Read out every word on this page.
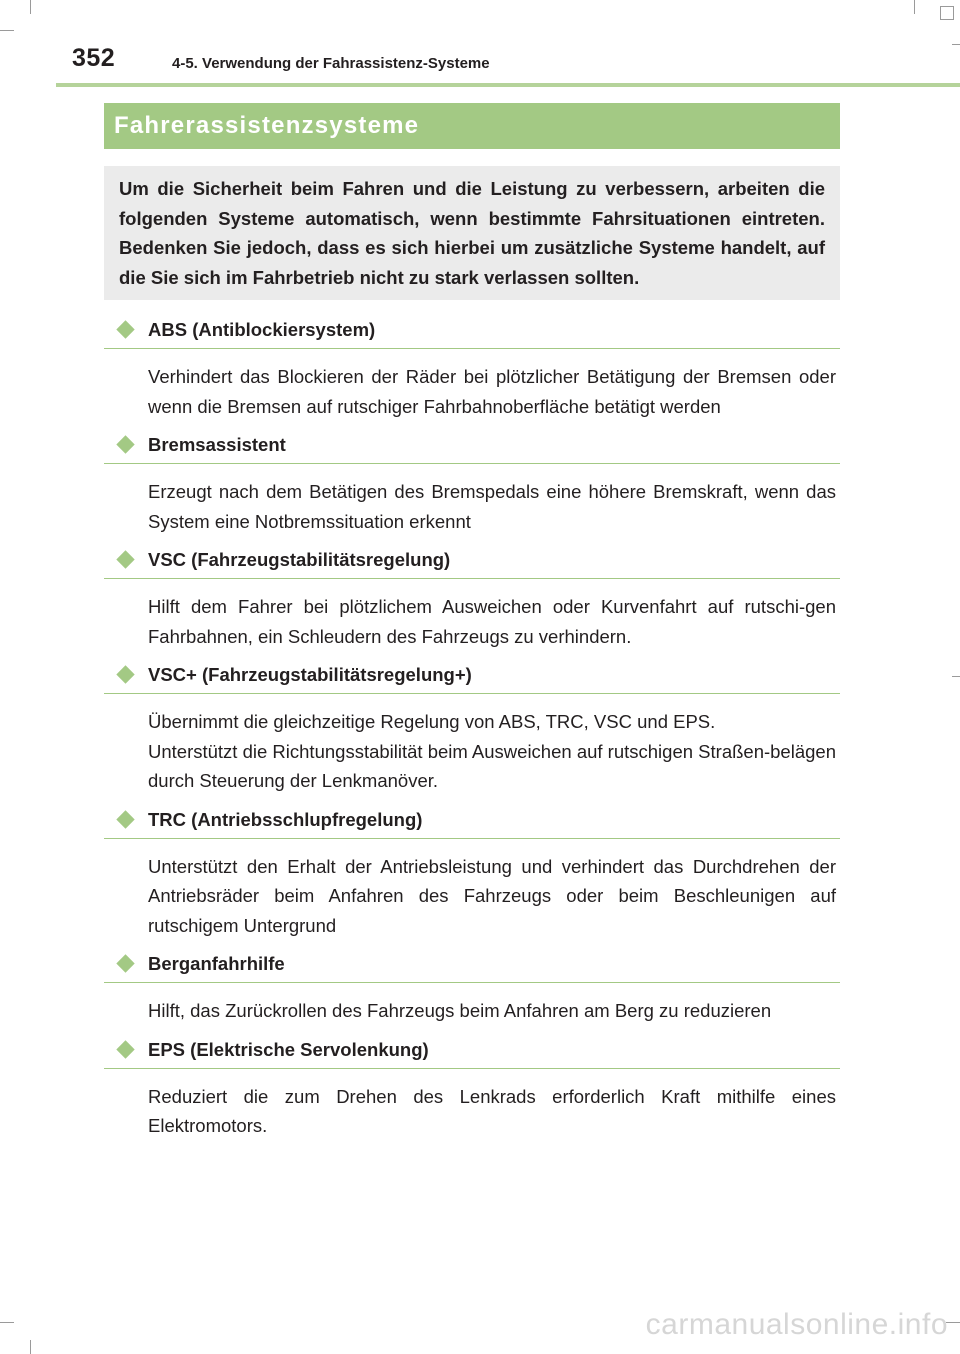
352	4-5. Verwendung der Fahrassistenz-Systeme
Fahrerassistenzsysteme

Um die Sicherheit beim Fahren und die Leistung zu verbessern, arbeiten die folgenden Systeme automatisch, wenn bestimmte Fahrsituationen eintreten. Bedenken Sie jedoch, dass es sich hierbei um zusätzliche Systeme handelt, auf die Sie sich im Fahrbetrieb nicht zu stark verlassen sollten.

ABS (Antiblockiersystem)
Verhindert das Blockieren der Räder bei plötzlicher Betätigung der Bremsen oder wenn die Bremsen auf rutschiger Fahrbahnoberfläche betätigt werden
Bremsassistent
Erzeugt nach dem Betätigen des Bremspedals eine höhere Bremskraft, wenn das System eine Notbremssituation erkennt
VSC (Fahrzeugstabilitätsregelung)
Hilft dem Fahrer bei plötzlichem Ausweichen oder Kurvenfahrt auf rutschi-gen Fahrbahnen, ein Schleudern des Fahrzeugs zu verhindern.
VSC+ (Fahrzeugstabilitätsregelung+)
Übernimmt die gleichzeitige Regelung von ABS, TRC, VSC und EPS.
Unterstützt die Richtungsstabilität beim Ausweichen auf rutschigen Straßen-belägen durch Steuerung der Lenkmanöver.
TRC (Antriebsschlupfregelung)
Unterstützt den Erhalt der Antriebsleistung und verhindert das Durchdrehen der Antriebsräder beim Anfahren des Fahrzeugs oder beim Beschleunigen auf rutschigem Untergrund
Berganfahrhilfe
Hilft, das Zurückrollen des Fahrzeugs beim Anfahren am Berg zu reduzieren
EPS (Elektrische Servolenkung)
Reduziert die zum Drehen des Lenkrads erforderlich Kraft mithilfe eines Elektromotors.
carmanualsonline.info
